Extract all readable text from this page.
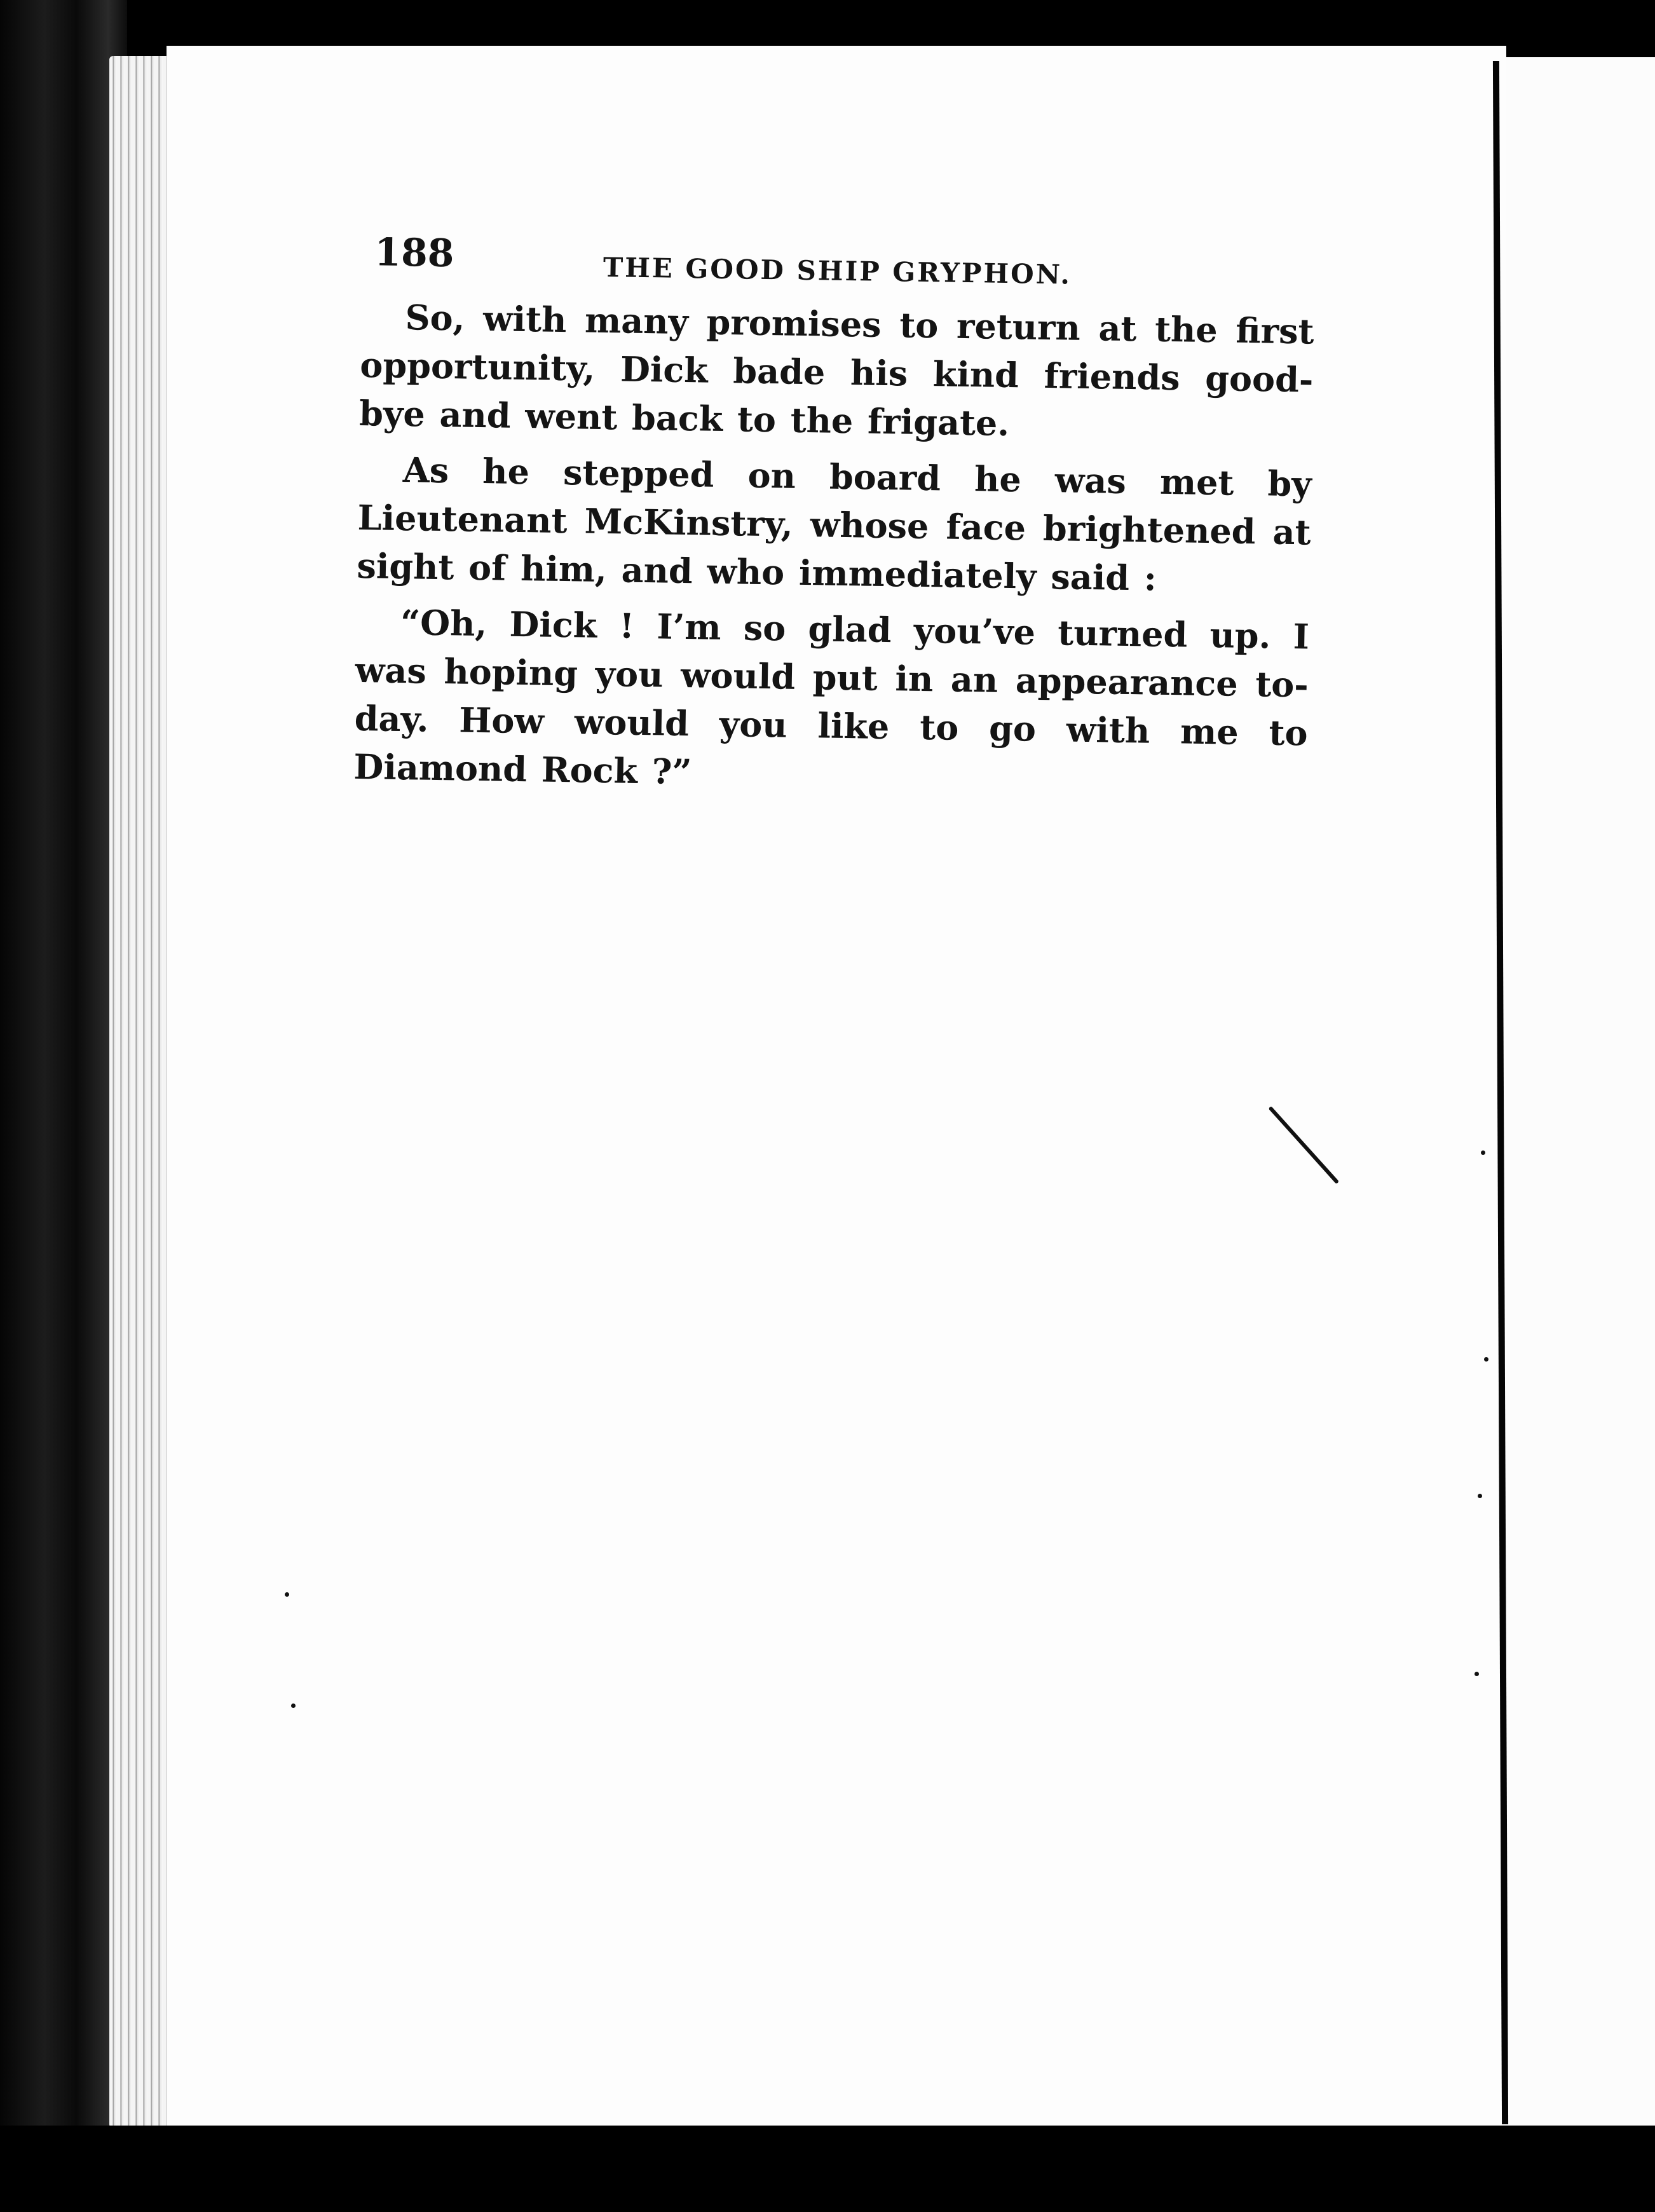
188	THE GOOD SHIP GRYPHON.

So, with many promises to return at the first opportunity, Dick bade his kind friends good-bye and went back to the frigate.

As he stepped on board he was met by Lieutenant McKinstry, whose face brightened at sight of him, and who immediately said :

“Oh, Dick ! I’m so glad you’ve turned up. I was hoping you would put in an appearance to-day. How would you like to go with me to Diamond Rock ?”
